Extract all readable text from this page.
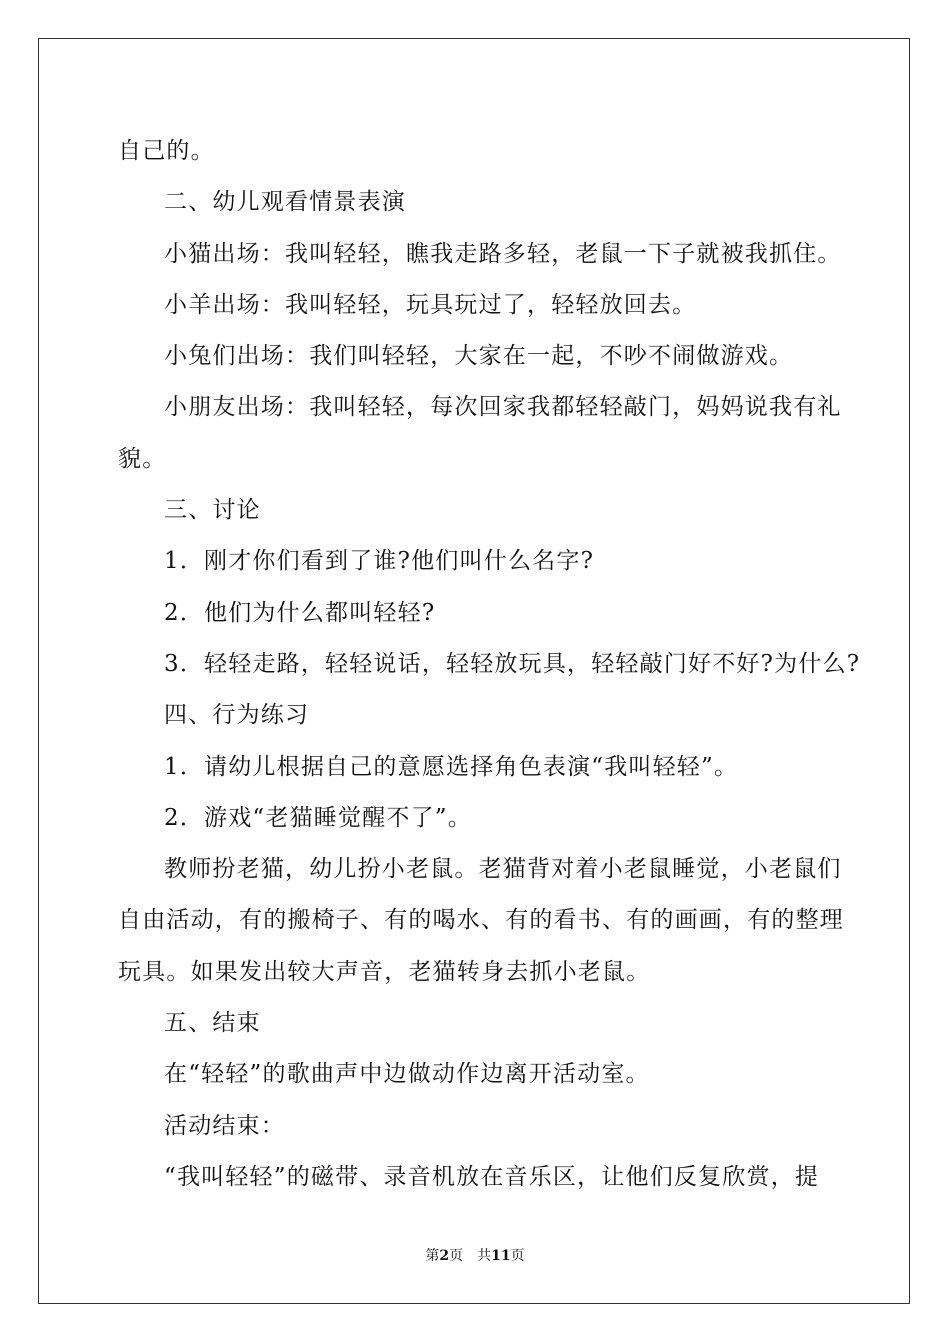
自己的。

二、幼儿观看情景表演

小猫出场：我叫轻轻，瞧我走路多轻，老鼠一下子就被我抓住。

小羊出场：我叫轻轻，玩具玩过了，轻轻放回去。

小兔们出场：我们叫轻轻，大家在一起，不吵不闹做游戏。

小朋友出场：我叫轻轻，每次回家我都轻轻敲门，妈妈说我有礼

貌。

三、讨论

1．刚才你们看到了谁?他们叫什么名字?

2．他们为什么都叫轻轻?

3．轻轻走路，轻轻说话，轻轻放玩具，轻轻敲门好不好?为什么?

四、行为练习

1．请幼儿根据自己的意愿选择角色表演“我叫轻轻”。

2．游戏“老猫睡觉醒不了”。

教师扮老猫，幼儿扮小老鼠。老猫背对着小老鼠睡觉，小老鼠们

自由活动，有的搬椅子、有的喝水、有的看书、有的画画，有的整理

玩具。如果发出较大声音，老猫转身去抓小老鼠。

五、结束

在“轻轻”的歌曲声中边做动作边离开活动室。

活动结束：

“我叫轻轻”的磁带、录音机放在音乐区，让他们反复欣赏，提

第2页 共11页
